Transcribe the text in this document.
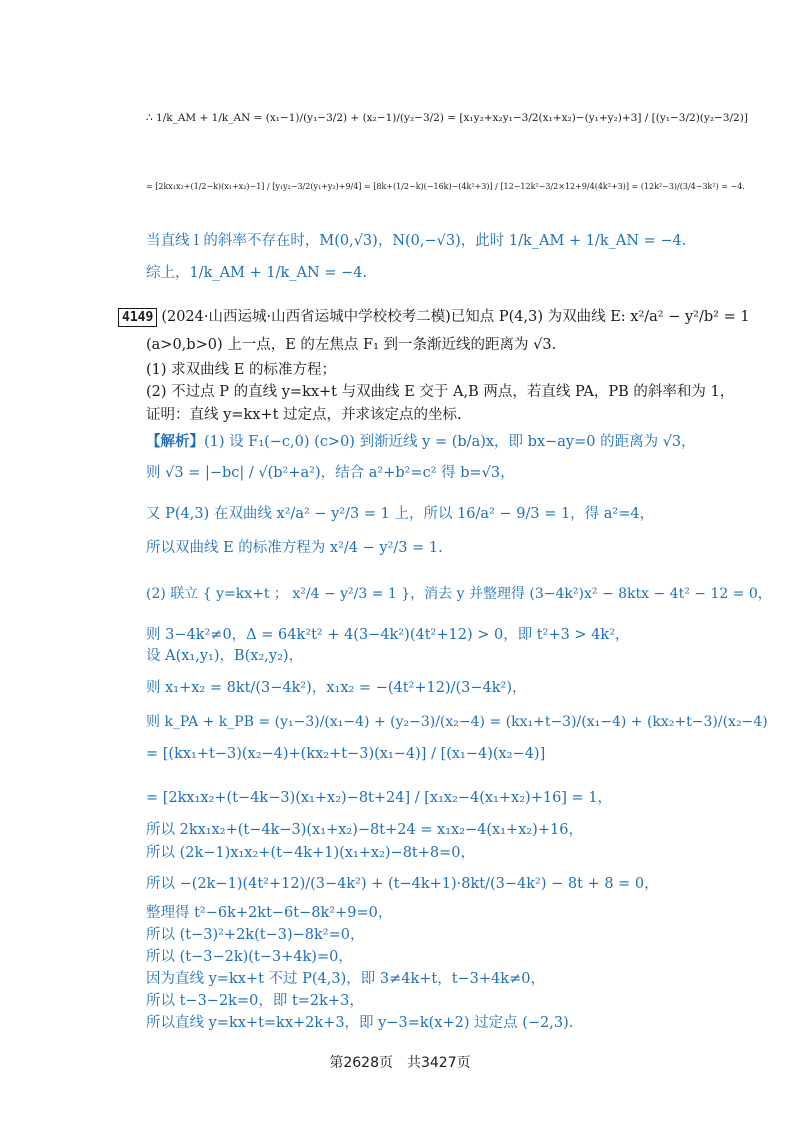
∴ 1/k_AM + 1/k_AN = (x₁−1)/(y₁−3/2) + (x₂−1)/(y₂−3/2) = [x₁y₂+x₂y₁−3/2(x₁+x₂)−(y₁+y₂)+3] / [(y₁−3/2)(y₂−3/2)]
= [2kx₁x₂+(1/2−k)(x₁+x₂)−1] / [y₁y₂−3/2(y₁+y₂)+9/4] = [8k+(1/2−k)(−16k)−(4k²+3)] / [12−12k²−3/2×12+9/4(4k²+3)] = (12k²−3)/(3/4−3k²) = −4.
当直线 l 的斜率不存在时，M(0,√3)，N(0,−√3)，此时 1/k_AM + 1/k_AN = −4.
综上，1/k_AM + 1/k_AN = −4.
4149 (2024·山西运城·山西省运城中学校校考二模)已知点 P(4,3) 为双曲线 E: x²/a² − y²/b² = 1
(a>0,b>0) 上一点，E 的左焦点 F₁ 到一条渐近线的距离为 √3.
(1) 求双曲线 E 的标准方程；
(2) 不过点 P 的直线 y=kx+t 与双曲线 E 交于 A,B 两点，若直线 PA，PB 的斜率和为 1，
证明：直线 y=kx+t 过定点，并求该定点的坐标.
【解析】(1) 设 F₁(−c,0) (c>0) 到渐近线 y = (b/a)x，即 bx−ay=0 的距离为 √3，
则 √3 = |−bc| / √(b²+a²)，结合 a²+b²=c² 得 b=√3，
又 P(4,3) 在双曲线 x²/a² − y²/3 = 1 上，所以 16/a² − 9/3 = 1，得 a²=4，
所以双曲线 E 的标准方程为 x²/4 − y²/3 = 1.
(2) 联立 { y=kx+t ； x²/4 − y²/3 = 1 }，消去 y 并整理得 (3−4k²)x² − 8ktx − 4t² − 12 = 0，
则 3−4k²≠0，Δ = 64k²t² + 4(3−4k²)(4t²+12) > 0，即 t²+3 > 4k²，
设 A(x₁,y₁)，B(x₂,y₂)，
则 x₁+x₂ = 8kt/(3−4k²)，x₁x₂ = −(4t²+12)/(3−4k²)，
则 k_PA + k_PB = (y₁−3)/(x₁−4) + (y₂−3)/(x₂−4) = (kx₁+t−3)/(x₁−4) + (kx₂+t−3)/(x₂−4)
= [(kx₁+t−3)(x₂−4)+(kx₂+t−3)(x₁−4)] / [(x₁−4)(x₂−4)]
= [2kx₁x₂+(t−4k−3)(x₁+x₂)−8t+24] / [x₁x₂−4(x₁+x₂)+16] = 1，
所以 2kx₁x₂+(t−4k−3)(x₁+x₂)−8t+24 = x₁x₂−4(x₁+x₂)+16，
所以 (2k−1)x₁x₂+(t−4k+1)(x₁+x₂)−8t+8=0，
所以 −(2k−1)(4t²+12)/(3−4k²) + (t−4k+1)·8kt/(3−4k²) − 8t + 8 = 0，
整理得 t²−6k+2kt−6t−8k²+9=0，
所以 (t−3)²+2k(t−3)−8k²=0，
所以 (t−3−2k)(t−3+4k)=0，
因为直线 y=kx+t 不过 P(4,3)，即 3≠4k+t，t−3+4k≠0，
所以 t−3−2k=0，即 t=2k+3，
所以直线 y=kx+t=kx+2k+3，即 y−3=k(x+2) 过定点 (−2,3).
第2628页　共3427页
